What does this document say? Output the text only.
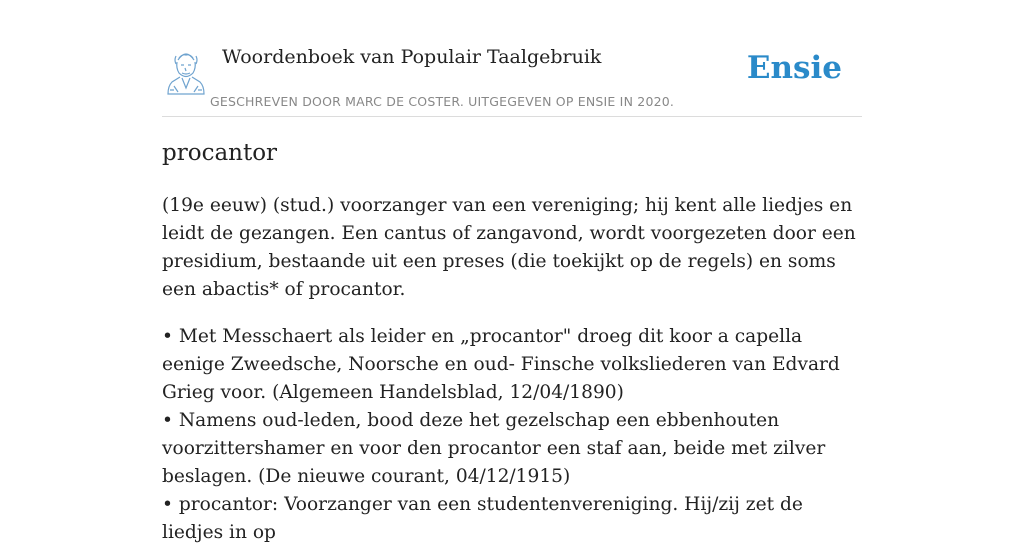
Woordenboek van Populair Taalgebruik
GESCHREVEN DOOR MARC DE COSTER. UITGEGEVEN OP ENSIE IN 2020.
Ensie
procantor

(19e eeuw) (stud.) voorzanger van een vereniging; hij kent alle liedjes en leidt de gezangen. Een cantus of zangavond, wordt voorgezeten door een presidium, bestaande uit een preses (die toekijkt op de regels) en soms een abactis* of procantor.

• Met Messchaert als leider en „procantor" droeg dit koor a capella eenige Zweedsche, Noorsche en oud- Finsche volksliederen van Edvard Grieg voor. (Algemeen Handelsblad, 12/04/1890)

• Namens oud-leden, bood deze het gezelschap een ebbenhouten voorzittershamer en voor den procantor een staf aan, beide met zilver beslagen. (De nieuwe courant, 04/12/1915)

• procantor: Voorzanger van een studentenvereniging. Hij/zij zet de liedjes in op
